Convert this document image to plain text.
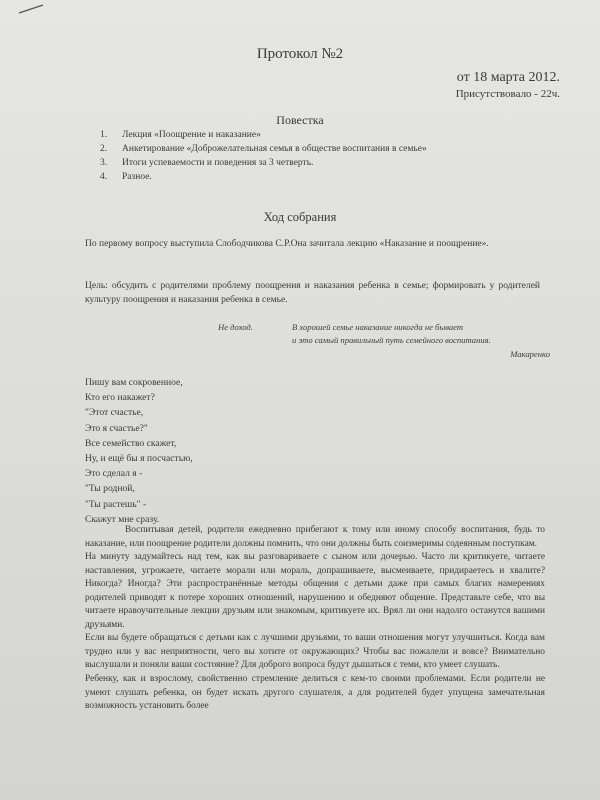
Протокол №2
от 18 марта 2012.
Присутствовало - 22ч.
Повестка
1. Лекция «Поощрение и наказание»
2. Анкетирование «Доброжелательная семья в обществе воспитания в семье»
3. Итоги успеваемости и поведения за 3 четверть.
4. Разное.
Ход собрания
По первому вопросу выступила Слободчикова С.Р.Она зачитала лекцию «Наказание и поощрение».
Цель: обсудить с родителями проблему поощрения и наказания ребенка в семье; формировать у родителей культуру поощрения и наказания ребенка в семье.
Не доход.	В хорошей семье наказание никогда не бывает
и это самый правильный путь семейного воспитания.
Макаренко
Пишу вам сокровенное,
Кто его накажет?
"Этот счастье,
Это я счастье?"
Все семейство скажет,
Ну, и ещё бы я посчастью,
Это сделал я -
"Ты родной,
"Ты растешь" -
Скажут мне сразу.

Воспитывая детей, родители ежедневно прибегают к тому или иному способу воспитания, будь то наказание, или поощрение родители должны помнить, что они должны быть соизмеримы содеянным поступкам.

На минуту задумайтесь над тем, как вы разговариваете с сыном или дочерью. Часто ли критикуете, читаете наставления, угрожаете, читаете морали или мораль, допрашиваете, высмеиваете, придираетесь и хвалите? Никогда? Иногда? Эти распространённые методы общения с детьми даже при самых благих намерениях родителей приводят к потере хороших отношений, нарушению и обедняют общение. Представьте себе, что вы читаете нравоучительные лекции друзьям или знакомым, критикуете их. Врял ли они надолго останутся вашими друзьями.

Если вы будете обращаться с детьми как с лучшими друзьями, то ваши отношения могут улучшиться. Когда вам трудно или у вас неприятности, чего вы хотите от окружающих? Чтобы вас пожалели и вовсе? Внимательно выслушали и поняли ваши состояние? Для доброго вопроса будут дышаться с теми, кто умеет слушать.

Ребенку, как и взрослому, свойственно стремление делиться с кем-то своими проблемами. Если родители не умеют слушать ребенка, он будет искать другого слушателя, а для родителей будет упущена замечательная возможность установить более
